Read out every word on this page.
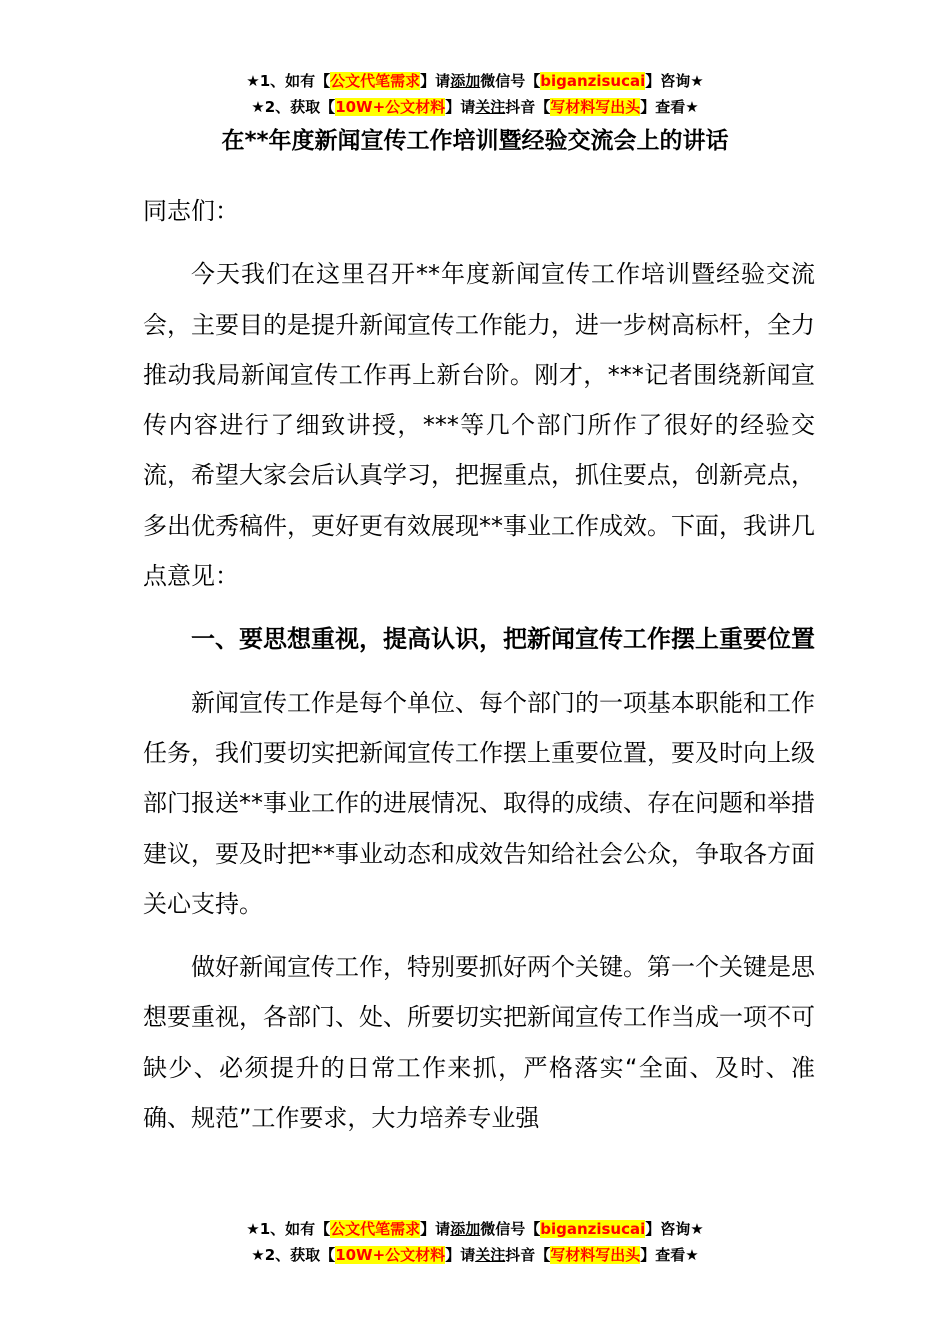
★1、如有【公文代笔需求】请添加微信号【biganzisucai】咨询★
★2、获取【10W+公文材料】请关注抖音【写材料写出头】查看★
在**年度新闻宣传工作培训暨经验交流会上的讲话

同志们：

今天我们在这里召开**年度新闻宣传工作培训暨经验交流会，主要目的是提升新闻宣传工作能力，进一步树高标杆，全力推动我局新闻宣传工作再上新台阶。刚才，***记者围绕新闻宣传内容进行了细致讲授，***等几个部门所作了很好的经验交流，希望大家会后认真学习，把握重点，抓住要点，创新亮点，多出优秀稿件，更好更有效展现**事业工作成效。下面，我讲几点意见：

一、要思想重视，提高认识，把新闻宣传工作摆上重要位置

新闻宣传工作是每个单位、每个部门的一项基本职能和工作任务，我们要切实把新闻宣传工作摆上重要位置，要及时向上级部门报送**事业工作的进展情况、取得的成绩、存在问题和举措建议，要及时把**事业动态和成效告知给社会公众，争取各方面关心支持。

做好新闻宣传工作，特别要抓好两个关键。第一个关键是思想要重视，各部门、处、所要切实把新闻宣传工作当成一项不可缺少、必须提升的日常工作来抓，严格落实“全面、及时、准确、规范”工作要求，大力培养专业强

★1、如有【公文代笔需求】请添加微信号【biganzisucai】咨询★
★2、获取【10W+公文材料】请关注抖音【写材料写出头】查看★
